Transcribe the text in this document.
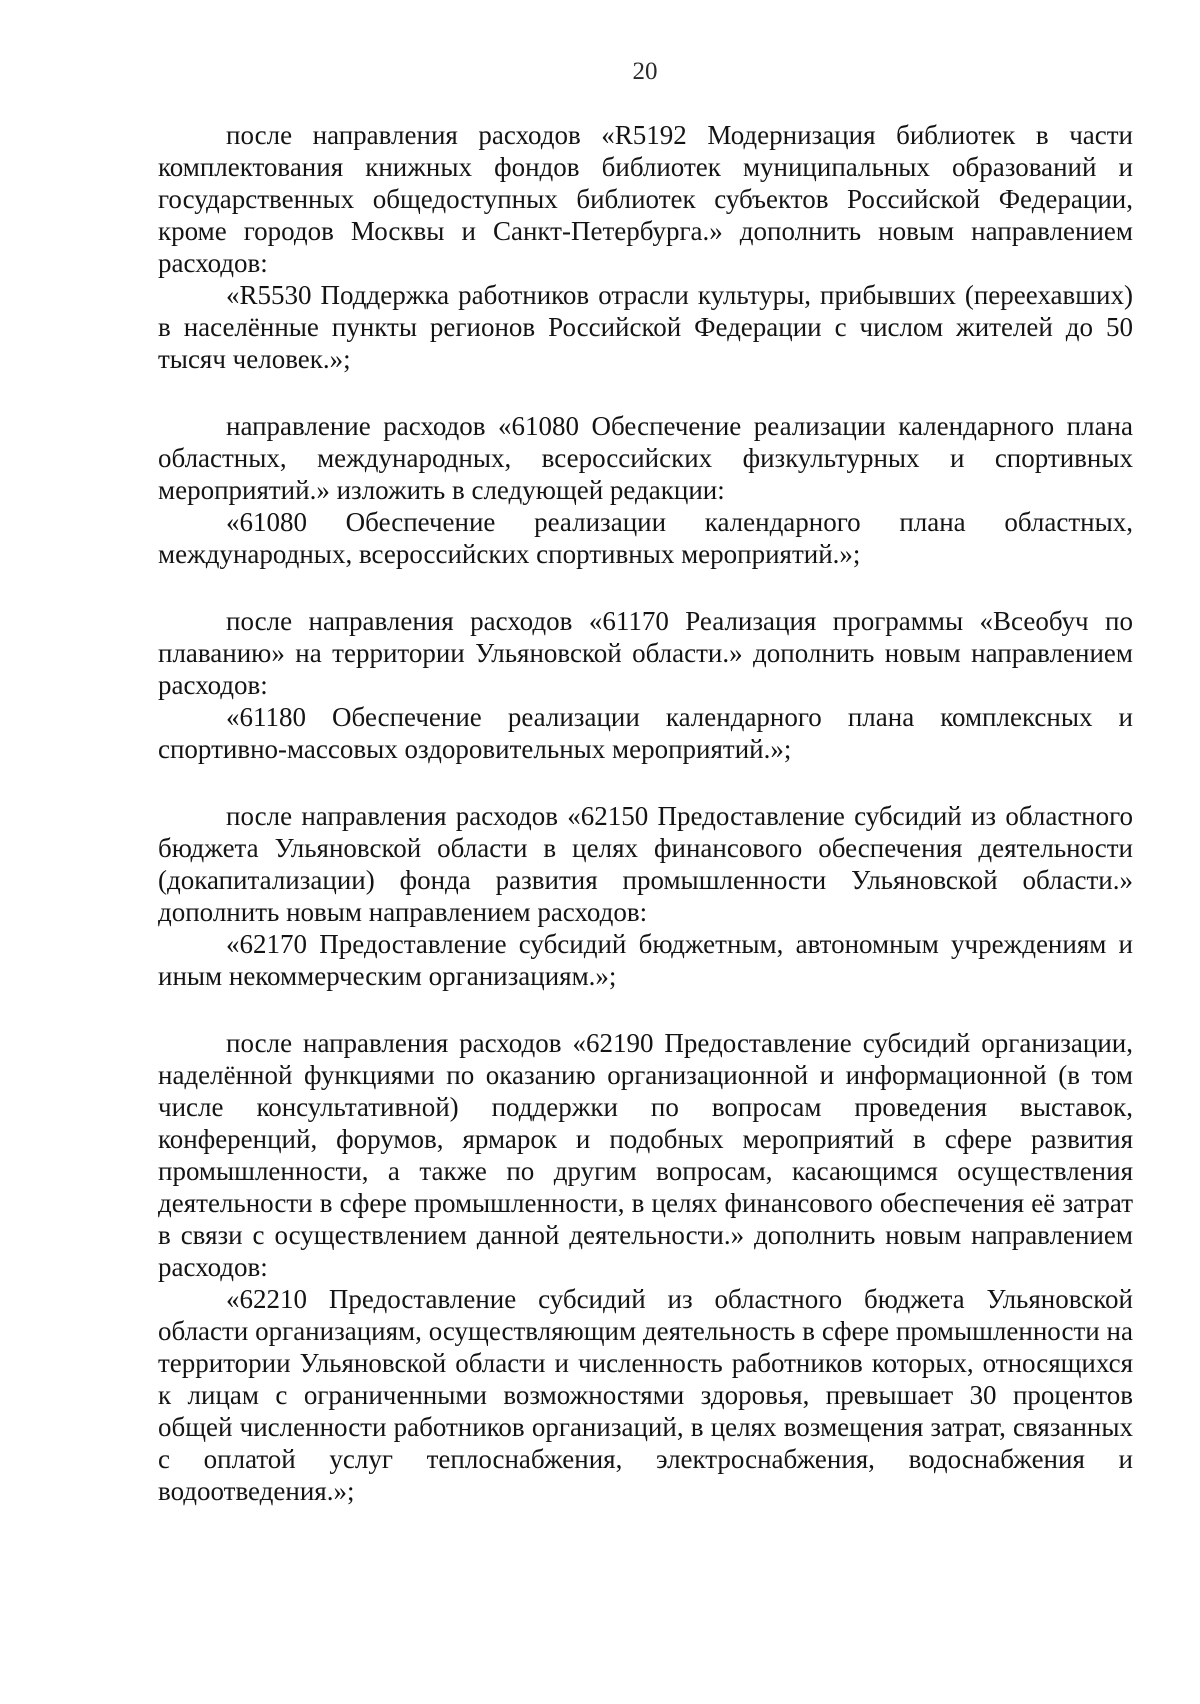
20

после направления расходов «R5192 Модернизация библиотек в части комплектования книжных фондов библиотек муниципальных образований и государственных общедоступных библиотек субъектов Российской Федерации, кроме городов Москвы и Санкт-Петербурга.» дополнить новым направлением расходов:

«R5530 Поддержка работников отрасли культуры, прибывших (переехавших) в населённые пункты регионов Российской Федерации с числом жителей до 50 тысяч человек.»;

направление расходов «61080 Обеспечение реализации календарного плана областных, международных, всероссийских физкультурных и спортивных мероприятий.» изложить в следующей редакции:

«61080 Обеспечение реализации календарного плана областных, международных, всероссийских спортивных мероприятий.»;

после направления расходов «61170 Реализация программы «Всеобуч по плаванию» на территории Ульяновской области.» дополнить новым направлением расходов:

«61180 Обеспечение реализации календарного плана комплексных и спортивно-массовых оздоровительных мероприятий.»;

после направления расходов «62150 Предоставление субсидий из областного бюджета Ульяновской области в целях финансового обеспечения деятельности (докапитализации) фонда развития промышленности Ульяновской области.» дополнить новым направлением расходов:

«62170 Предоставление субсидий бюджетным, автономным учреждениям и иным некоммерческим организациям.»;

после направления расходов «62190 Предоставление субсидий организации, наделённой функциями по оказанию организационной и информационной (в том числе консультативной) поддержки по вопросам проведения выставок, конференций, форумов, ярмарок и подобных мероприятий в сфере развития промышленности, а также по другим вопросам, касающимся осуществления деятельности в сфере промышленности, в целях финансового обеспечения её затрат в связи с осуществлением данной деятельности.» дополнить новым направлением расходов:

«62210 Предоставление субсидий из областного бюджета Ульяновской области организациям, осуществляющим деятельность в сфере промышленности на территории Ульяновской области и численность работников которых, относящихся к лицам с ограниченными возможностями здоровья, превышает 30 процентов общей численности работников организаций, в целях возмещения затрат, связанных с оплатой услуг теплоснабжения, электроснабжения, водоснабжения и водоотведения.»;
